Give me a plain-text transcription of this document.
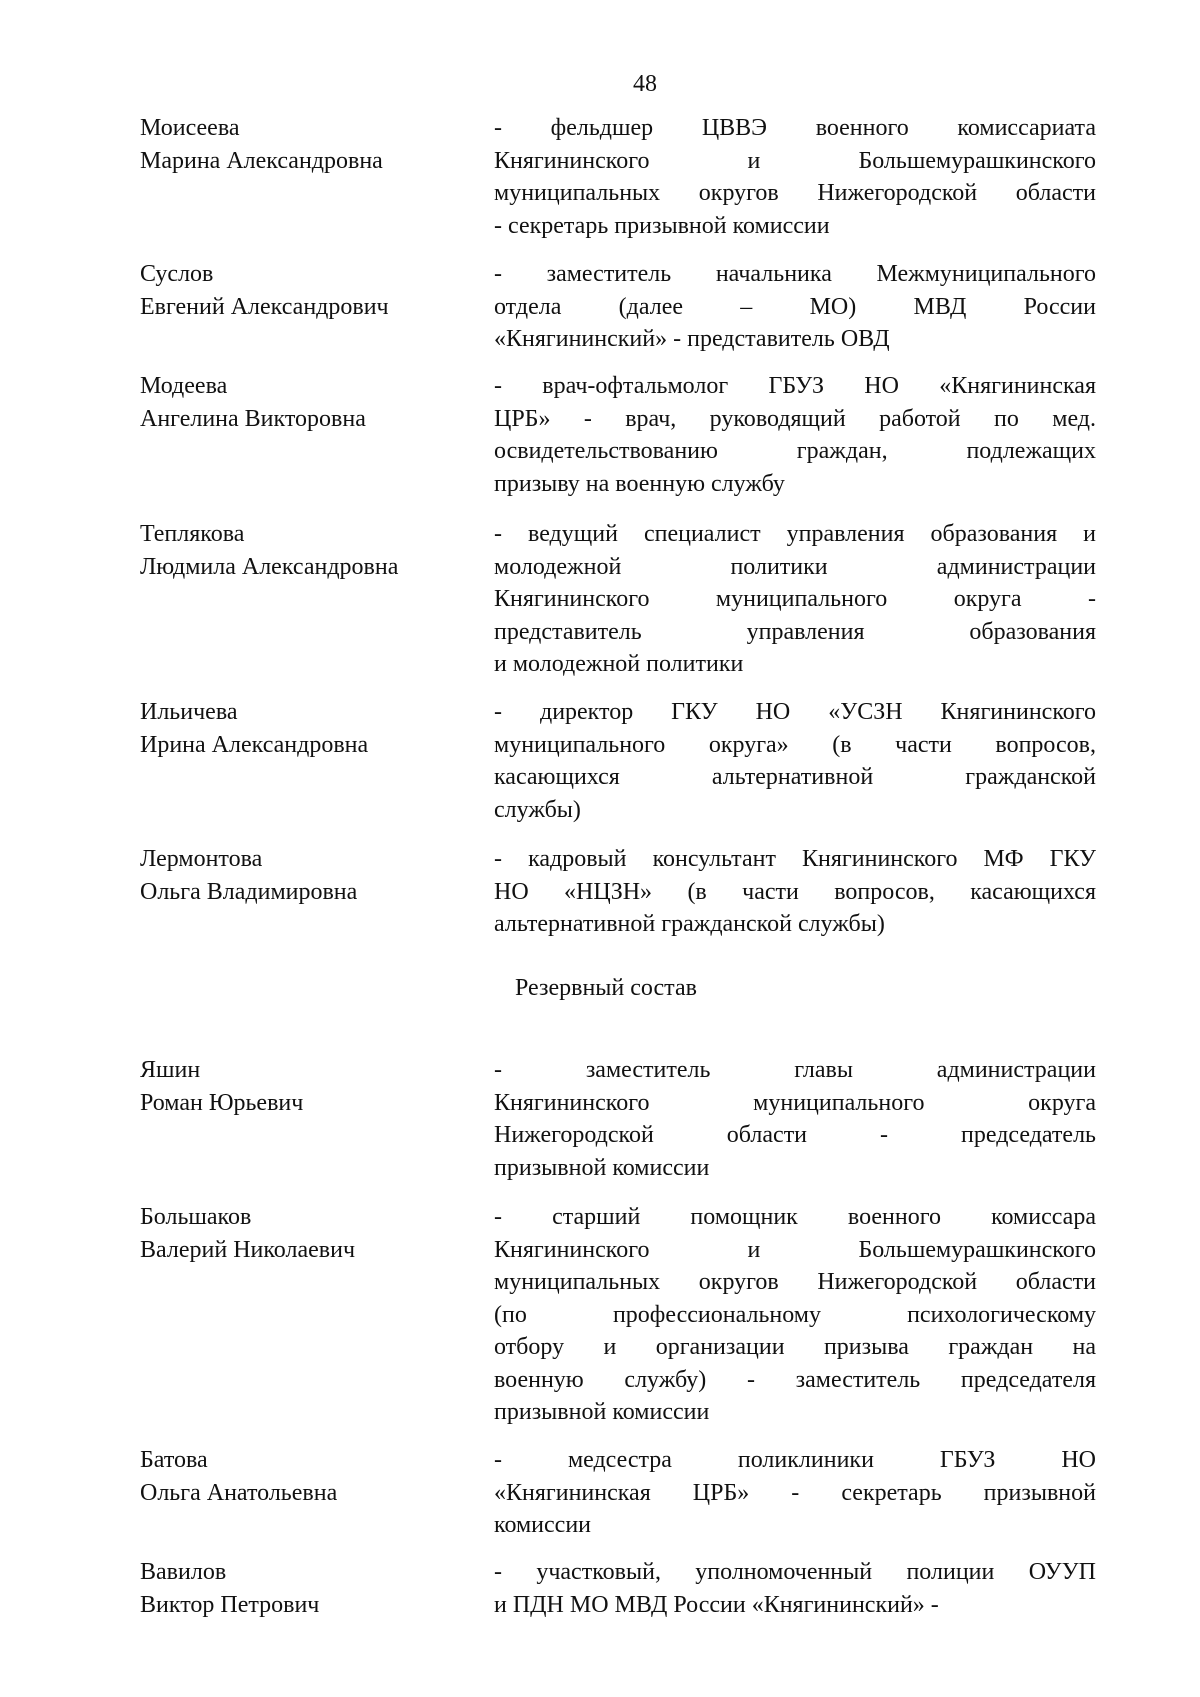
48
Моисеева
Марина Александровна
- фельдшер ЦВВЭ военного комиссариата
Княгининского и Большемурашкинского
муниципальных округов Нижегородской области
- секретарь призывной комиссии
Суслов
Евгений Александрович
- заместитель начальника Межмуниципального
отдела (далее – МО) МВД России
«Княгининский» - представитель ОВД
Модеева
Ангелина Викторовна
- врач-офтальмолог ГБУЗ НО «Княгининская
ЦРБ» - врач, руководящий работой по мед.
освидетельствованию граждан, подлежащих
призыву на военную службу
Теплякова
Людмила Александровна
- ведущий специалист управления образования и
молодежной политики администрации
Княгининского муниципального округа -
представитель управления образования
и молодежной политики
Ильичева
Ирина Александровна
- директор ГКУ НО «УСЗН Княгининского
муниципального округа» (в части вопросов,
касающихся альтернативной гражданской
службы)
Лермонтова
Ольга Владимировна
- кадровый консультант Княгининского МФ ГКУ
НО «НЦЗН» (в части вопросов, касающихся
альтернативной гражданской службы)
Резервный состав
Яшин
Роман Юрьевич
- заместитель главы администрации
Княгининского муниципального округа
Нижегородской области - председатель
призывной комиссии
Большаков
Валерий Николаевич
- старший помощник военного комиссара
Княгининского и Большемурашкинского
муниципальных округов Нижегородской области
(по профессиональному психологическому
отбору и организации призыва граждан на
военную службу) - заместитель председателя
призывной комиссии
Батова
Ольга Анатольевна
- медсестра поликлиники ГБУЗ НО
«Княгининская ЦРБ» - секретарь призывной
комиссии
Вавилов
Виктор Петрович
- участковый, уполномоченный полиции ОУУП
и ПДН МО МВД России «Княгининский» -
